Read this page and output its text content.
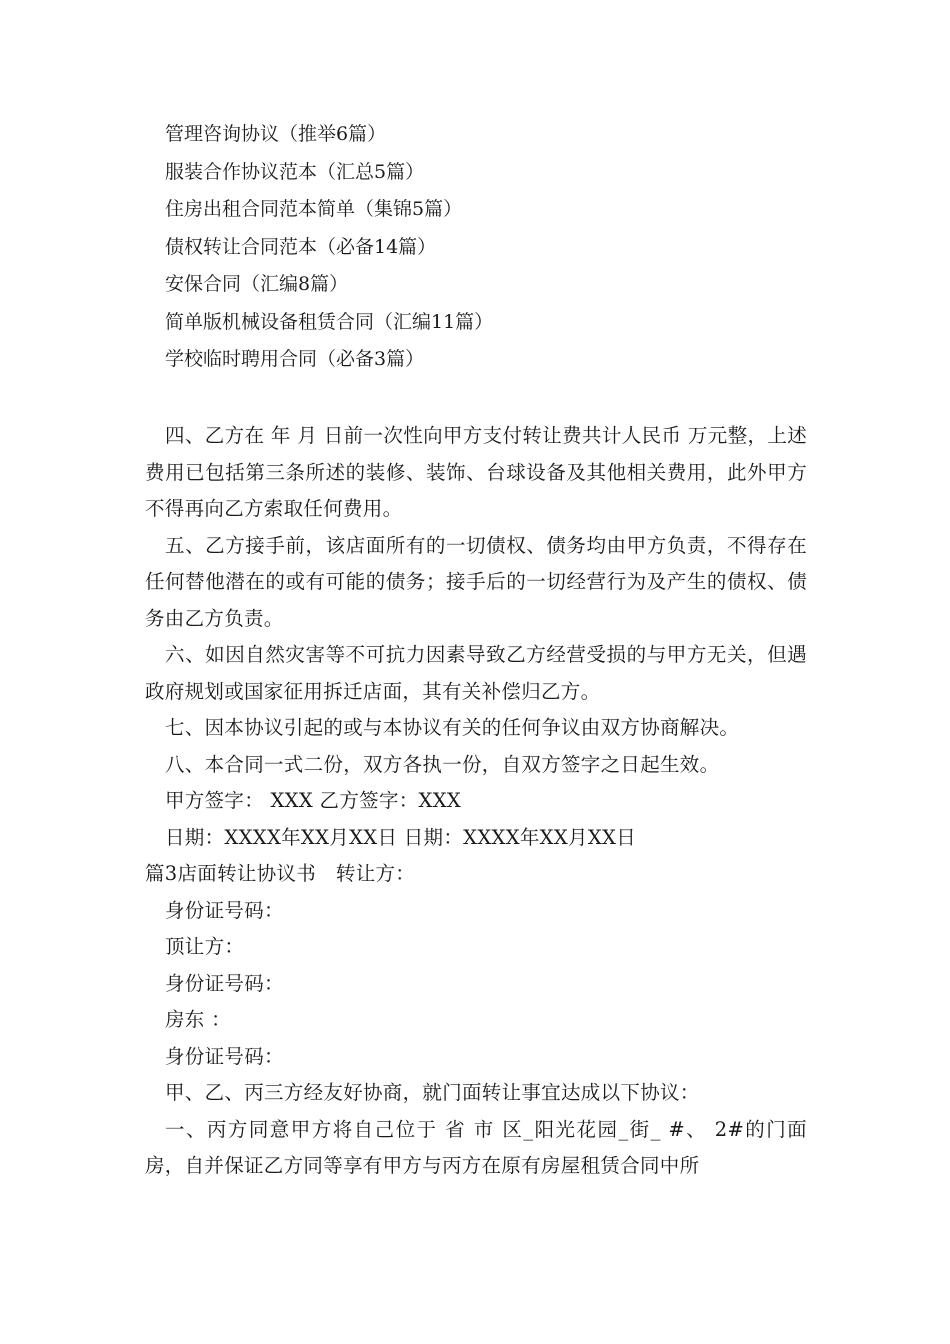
管理咨询协议（推举6篇）
服装合作协议范本（汇总5篇）
住房出租合同范本简单（集锦5篇）
债权转让合同范本（必备14篇）
安保合同（汇编8篇）
简单版机械设备租赁合同（汇编11篇）
学校临时聘用合同（必备3篇）

四、乙方在 年 月 日前一次性向甲方支付转让费共计人民币 万元整，上述费用已包括第三条所述的装修、装饰、台球设备及其他相关费用，此外甲方不得再向乙方索取任何费用。

五、乙方接手前，该店面所有的一切债权、债务均由甲方负责，不得存在任何替他潜在的或有可能的债务；接手后的一切经营行为及产生的债权、债务由乙方负责。

六、如因自然灾害等不可抗力因素导致乙方经营受损的与甲方无关，但遇政府规划或国家征用拆迁店面，其有关补偿归乙方。

七、因本协议引起的或与本协议有关的任何争议由双方协商解决。
八、本合同一式二份，双方各执一份，自双方签字之日起生效。
甲方签字： XXX 乙方签字：XXX
日期：XXXX年XX月XX日 日期：XXXX年XX月XX日
篇3店面转让协议书　转让方：
身份证号码：
顶让方：
身份证号码：
房东 ：
身份证号码：
甲、乙、丙三方经友好协商，就门面转让事宜达成以下协议：

一、丙方同意甲方将自己位于 省 市 区_阳光花园_街_ #、 2#的门面房，自并保证乙方同等享有甲方与丙方在原有房屋租赁合同中所
